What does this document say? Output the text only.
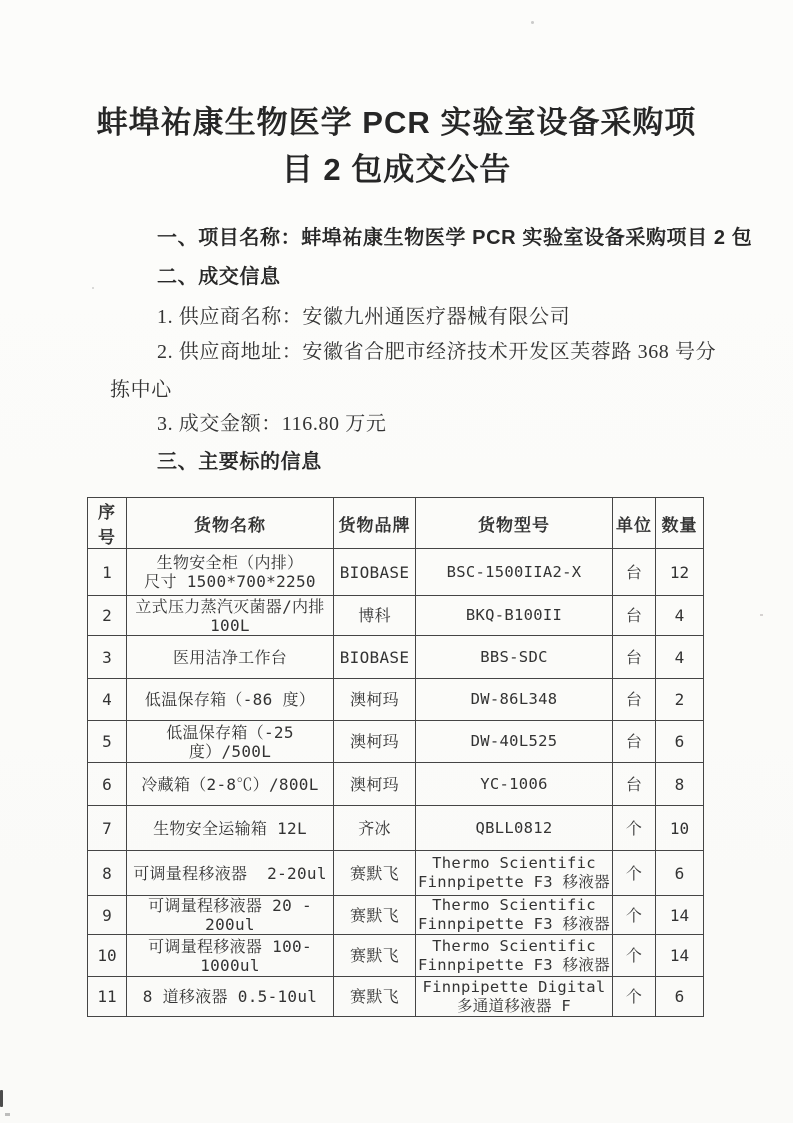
蚌埠祐康生物医学 PCR 实验室设备采购项
目 2 包成交公告
一、项目名称：蚌埠祐康生物医学 PCR 实验室设备采购项目 2 包
二、成交信息
1. 供应商名称：安徽九州通医疗器械有限公司
2. 供应商地址：安徽省合肥市经济技术开发区芙蓉路 368 号分
拣中心
3. 成交金额：116.80 万元
三、主要标的信息
序号	货物名称	货物品牌	货物型号	单位	数量
1	生物安全柜（内排）
尺寸 1500*700*2250	BIOBASE	BSC-1500IIA2-X	台	12
2	立式压力蒸汽灭菌器/内排
100L	博科	BKQ-B100II	台	4
3	医用洁净工作台	BIOBASE	BBS-SDC	台	4
4	低温保存箱（-86 度）	澳柯玛	DW-86L348	台	2
5	低温保存箱（-25 度）/500L	澳柯玛	DW-40L525	台	6
6	冷藏箱（2-8℃）/800L	澳柯玛	YC-1006	台	8
7	生物安全运输箱 12L	齐冰	QBLL0812	个	10
8	可调量程移液器  2-20ul	赛默飞	Thermo Scientific
Finnpipette F3 移液器	个	6
9	可调量程移液器 20 - 200ul	赛默飞	Thermo Scientific
Finnpipette F3 移液器	个	14
10	可调量程移液器 100-1000ul	赛默飞	Thermo Scientific
Finnpipette F3 移液器	个	14
11	8 道移液器 0.5-10ul	赛默飞	Finnpipette Digital
多通道移液器 F	个	6
